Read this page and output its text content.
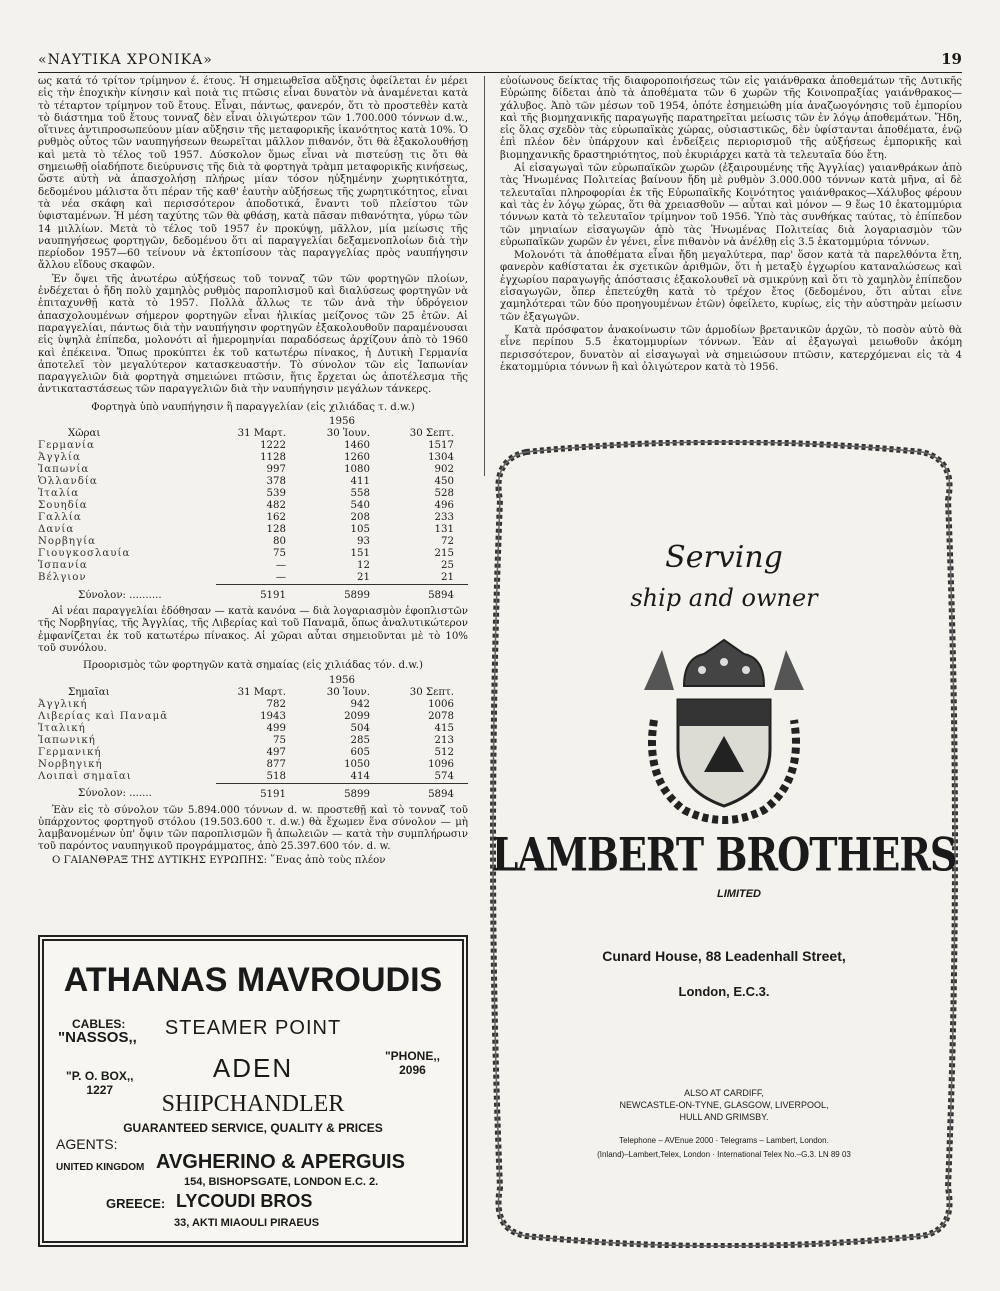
«ΝΑΥΤΙΚΑ ΧΡΟΝΙΚΑ»	19

ως κατά τό τρίτον τρίμηνον έ. έτους. Ἡ σημειωθεῖσα αὔξησις ὀφείλεται ἐν μέρει εἰς τὴν ἐποχικὴν κίνησιν καὶ ποιὰ τις πτῶσις εἶναι δυνατὸν νὰ ἀναμένεται κατὰ τὸ τέταρτον τρίμηνον τοῦ ἔτους. Εἶναι, πάντως, φανερόν, ὅτι τὸ προστεθὲν κατὰ τὸ διάστημα τοῦ ἔτους τονναζ δὲν εἶναι ὀλιγώτερον τῶν 1.700.000 τόννων d.w., οἵτινες ἀντιπροσωπεύουν μίαν αὔξησιν τῆς μεταφορικῆς ἱκανότητος κατὰ 10%. Ὁ ρυθμὸς οὗτος τῶν ναυπηγήσεων θεωρεῖται μᾶλλον πιθανόν, ὅτι θὰ ἐξακολουθήσῃ καὶ μετὰ τὸ τέλος τοῦ 1957. Δύσκολον ὅμως εἶναι νὰ πιστεύσῃ τις ὅτι θὰ σημειωθῇ οἱαδήποτε διεύρυνσις τῆς διὰ τὰ φορτηγὰ τρὰμπ μεταφορικῆς κινήσεως, ὥστε αὐτὴ νὰ ἀπασχολήσῃ πλήρως μίαν τόσον ηὐξημένην χωρητικότητα, δεδομένου μάλιστα ὅτι πέραν τῆς καθ' ἑαυτὴν αὐξήσεως τῆς χωρητικότητος, εἶναι τὰ νέα σκάφη καὶ περισσότερον ἀποδοτικά, ἔναντι τοῦ πλείστου τῶν ὑφισταμένων. Ἡ μέση ταχύτης τῶν θὰ φθάσῃ, κατὰ πᾶσαν πιθανότητα, γύρω τῶν 14 μιλλίων. Μετὰ τὸ τέλος τοῦ 1957 ἐν προκύψῃ, μᾶλλον, μία μείωσις τῆς ναυπηγήσεως φορτηγῶν, δεδομένου ὅτι αἱ παραγγελίαι δεξαμενοπλοίων διὰ τὴν περίοδον 1957—60 τείνουν νὰ ἐκτοπίσουν τὰς παραγγελίας πρὸς ναυπήγησιν ἄλλου εἴδους σκαφῶν.

Ἐν ὄψει τῆς ἀνωτέρω αὐξήσεως τοῦ τονναζ τῶν τῶν φορτηγῶν πλοίων, ἐνδέχεται ὁ ἤδη πολὺ χαμηλὸς ρυθμὸς παροπλισμοῦ καὶ διαλύσεως φορτηγῶν νὰ ἐπιταχυνθῇ κατὰ τὸ 1957. Πολλὰ ἄλλως τε τῶν ἀνὰ τὴν ὑδρόγειον ἀπασχολουμένων σήμερον φορτηγῶν εἶναι ἡλικίας μείζονος τῶν 25 ἐτῶν. Αἱ παραγγελίαι, πάντως διὰ τὴν ναυπήγησιν φορτηγῶν ἐξακολουθοῦν παραμένουσαι εἰς ὑψηλὰ ἐπίπεδα, μολονότι αἱ ἡμερομηνίαι παραδόσεως ἀρχίζουν ἀπὸ τὸ 1960 καὶ ἐπέκεινα. Ὅπως προκύπτει ἐκ τοῦ κατωτέρω πίνακος, ἡ Δυτικὴ Γερμανία ἀποτελεῖ τὸν μεγαλύτερον κατασκευαστήν. Τὸ σύνολον τῶν εἰς Ἰαπωνίαν παραγγελιῶν διὰ φορτηγὰ σημειώνει πτῶσιν, ἥτις ἔρχεται ὡς ἀποτέλεσμα τῆς ἀντικαταστάσεως τῶν παραγγελιῶν διὰ τὴν ναυπήγησιν μεγάλων τάνκερς.

Φορτηγὰ ὑπὸ ναυπήγησιν ἢ παραγγελίαν (εἰς χιλιάδας τ. d.w.)
		1956	
Χῶραι	31 Μαρτ.	30 Ἰουν.	30 Σεπτ.
Γερμανία	1222	1460	1517
Ἀγγλία	1128	1260	1304
Ἰαπωνία	997	1080	902
Ὁλλανδία	378	411	450
Ἰταλία	539	558	528
Σουηδία	482	540	496
Γαλλία	162	208	233
Δανία	128	105	131
Νορβηγία	80	93	72
Γιουγκοσλαυία	75	151	215
Ἱσπανία	—	12	25
Βέλγιον	—	21	21
Σύνολον: ..........	5191	5899	5894

Αἱ νέαι παραγγελίαι ἐδόθησαν — κατὰ κανόνα — διὰ λογαριασμὸν ἐφοπλιστῶν τῆς Νορβηγίας, τῆς Ἀγγλίας, τῆς Λιβερίας καὶ τοῦ Παναμᾶ, ὅπως ἀναλυτικώτερον ἐμφανίζεται ἐκ τοῦ κατωτέρω πίνακος. Αἱ χῶραι αὗται σημειοῦνται μὲ τὸ 10% τοῦ συνόλου.

Προορισμὸς τῶν φορτηγῶν κατὰ σημαίας (εἰς χιλιάδας τόν. d.w.)
		1956	
Σημαῖαι	31 Μαρτ.	30 Ἰουν.	30 Σεπτ.
Ἀγγλική	782	942	1006
Λιβερίας καὶ Παναμᾶ	1943	2099	2078
Ἰταλική	499	504	415
Ἰαπωνική	75	285	213
Γερμανική	497	605	512
Νορβηγική	877	1050	1096
Λοιπαὶ σημαῖαι	518	414	574
Σύνολον: .......	5191	5899	5894

Ἐὰν εἰς τὸ σύνολον τῶν 5.894.000 τόννων d. w. προστεθῇ καὶ τὸ τονναζ τοῦ ὑπάρχοντος φορτηγοῦ στόλου (19.503.600 τ. d.w.) θὰ ἔχωμεν ἕνα σύνολον — μὴ λαμβανομένων ὑπ' ὄψιν τῶν παροπλισμῶν ἢ ἀπωλειῶν — κατὰ τὴν συμπλήρωσιν τοῦ παρόντος ναυπηγικοῦ προγράμματος, ἀπὸ 25.397.600 τόν. d. w.

Ο ΓΑΙΑΝΘΡΑΞ ΤΗΣ ΔΥΤΙΚΗΣ ΕΥΡΩΠΗΣ: ῞Ενας ἀπὸ τοὺς πλέον

εὐοίωνους δείκτας τῆς διαφοροποιήσεως τῶν εἰς γαιάνθρακα ἀποθεμάτων τῆς Δυτικῆς Εὐρώπης δίδεται ἀπὸ τὰ ἀποθέματα τῶν 6 χωρῶν τῆς Κοινοπραξίας γαιάνθρακος—χάλυβος. Ἀπὸ τῶν μέσων τοῦ 1954, ὁπότε ἐσημειώθη μία ἀναζωογόνησις τοῦ ἐμπορίου καὶ τῆς βιομηχανικῆς παραγωγῆς παρατηρεῖται μείωσις τῶν ἐν λόγῳ ἀποθεμάτων. Ἤδη, εἰς ὅλας σχεδὸν τὰς εὐρωπαϊκὰς χώρας, οὐσιαστικῶς, δὲν ὑφίστανται ἀποθέματα, ἐνῷ ἐπὶ πλέον δὲν ὑπάρχουν καὶ ἐνδείξεις περιορισμοῦ τῆς αὐξήσεως ἐμπορικῆς καὶ βιομηχανικῆς δραστηριότητος, ποὺ ἐκυριάρχει κατὰ τὰ τελευταῖα δύο ἔτη.

Αἱ εἰσαγωγαὶ τῶν εὐρωπαϊκῶν χωρῶν (ἐξαιρουμένης τῆς Ἀγγλίας) γαιανθράκων ἀπὸ τὰς Ἡνωμένας Πολιτείας βαίνουν ἤδη μὲ ρυθμὸν 3.000.000 τόννων κατὰ μῆνα, αἱ δὲ τελευταῖαι πληροφορίαι ἐκ τῆς Εὐρωπαϊκῆς Κοινότητος γαιάνθρακος—Χάλυβος φέρουν καὶ τὰς ἐν λόγῳ χώρας, ὅτι θὰ χρειασθοῦν — αὗται καὶ μόνον — 9 ἕως 10 ἑκατομμύρια τόννων κατὰ τὸ τελευταῖον τρίμηνον τοῦ 1956. Ὑπὸ τὰς συνθήκας ταύτας, τὸ ἐπίπεδον τῶν μηνιαίων εἰσαγωγῶν ἀπὸ τὰς Ἡνωμένας Πολιτείας διὰ λογαριασμὸν τῶν εὐρωπαϊκῶν χωρῶν ἐν γένει, εἶνε πιθανὸν νὰ ἀνέλθῃ εἰς 3.5 ἑκατομμύρια τόννων.

Μολονότι τὰ ἀποθέματα εἶναι ἤδη μεγαλύτερα, παρ' ὅσον κατὰ τὰ παρελθόντα ἔτη, φανερὸν καθίσταται ἐκ σχετικῶν ἀριθμῶν, ὅτι ἡ μεταξὺ ἐγχωρίου καταναλώσεως καὶ ἐγχωρίου παραγωγῆς ἀπόστασις ἐξακολουθεῖ νὰ σμικρύνῃ καὶ ὅτι τὸ χαμηλὸν ἐπίπεδον εἰσαγωγῶν, ὅπερ ἐπετεύχθη κατὰ τὸ τρέχον ἔτος (δεδομένου, ὅτι αὗται εἶνε χαμηλότεραι τῶν δύο προηγουμένων ἐτῶν) ὀφείλετο, κυρίως, εἰς τὴν αὐστηρὰν μείωσιν τῶν ἐξαγωγῶν.

Κατὰ πρόσφατον ἀνακοίνωσιν τῶν ἁρμοδίων βρετανικῶν ἀρχῶν, τὸ ποσὸν αὐτὸ θὰ εἶνε περίπου 5.5 ἑκατομμυρίων τόννων. Ἐὰν αἱ ἐξαγωγαὶ μειωθοῦν ἀκόμη περισσότερον, δυνατὸν αἱ εἰσαγωγαὶ νὰ σημειώσουν πτῶσιν, κατερχόμεναι εἰς τὰ 4 ἑκατομμύρια τόννων ἢ καὶ ὀλιγώτερον κατὰ τὸ 1956.

ATHANAS MAVROUDIS
CABLES:
"NASSOS,,	STEAMER POINT
"PHONE,,
2096
ADEN
"P. O. BOX,,
1227
SHIPCHANDLER
GUARANTEED SERVICE, QUALITY & PRICES
AGENTS:
UNITED KINGDOM AVGHERINO & APERGUIS
154, BISHOPSGATE, LONDON E.C. 2.
GREECE: LYCOUDI BROS
33, AKTI MIAOULI PIRAEUS
Serving
ship and owner
LAMBERT BROTHERS
LIMITED
Cunard House, 88 Leadenhall Street,
London, E.C.3.
ALSO AT CARDIFF,
NEWCASTLE-ON-TYNE, GLASGOW, LIVERPOOL,
HULL AND GRIMSBY.
Telephone – AVEnue 2000 · Telegrams – Lambert, London.
(Inland)–Lambert,Telex, London · International Telex No.–G.3. LN 89 03
